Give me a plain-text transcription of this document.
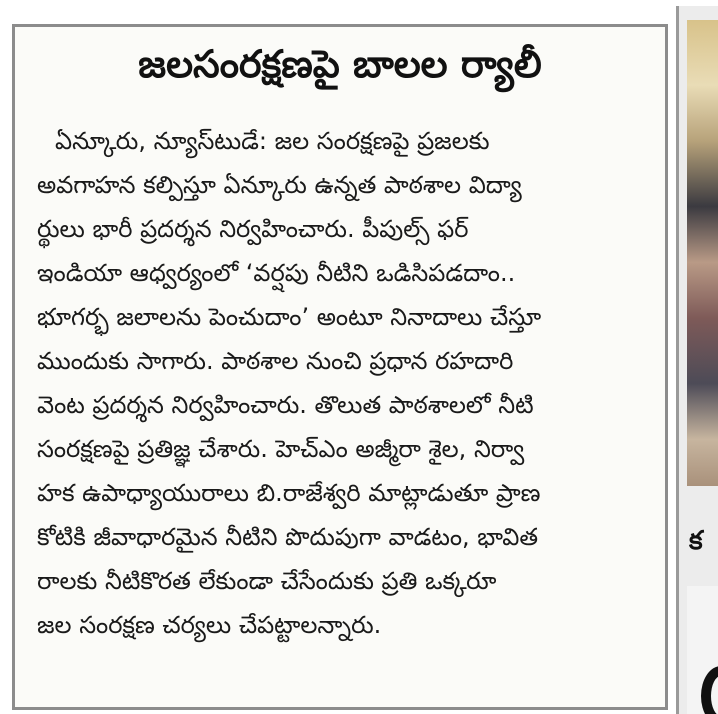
జలసంరక్షణపై బాలల ర్యాలీ
ఏన్కూరు, న్యూస్‌టుడే: జల సంరక్షణపై ప్రజలకు
అవగాహన కల్పిస్తూ ఏన్కూరు ఉన్నత పాఠశాల విద్యా
ర్థులు భారీ ప్రదర్శన నిర్వహించారు. పీపుల్స్ ఫర్
ఇండియా ఆధ్వర్యంలో ‘వర్షపు నీటిని ఒడిసిపడదాం..
భూగర్భ జలాలను పెంచుదాం’ అంటూ నినాదాలు చేస్తూ
ముందుకు సాగారు. పాఠశాల నుంచి ప్రధాన రహదారి
వెంట ప్రదర్శన నిర్వహించారు. తొలుత పాఠశాలలో నీటి
సంరక్షణపై ప్రతిజ్ఞ చేశారు. హెచ్‌ఎం అజ్మీరా శైల, నిర్వా
హక ఉపాధ్యాయురాలు బి.రాజేశ్వరి మాట్లాడుతూ ప్రాణ
కోటికి జీవాధారమైన నీటిని పొదుపుగా వాడటం, భావిత
రాలకు నీటికొరత లేకుండా చేసేందుకు ప్రతి ఒక్కరూ
జల సంరక్షణ చర్యలు చేపట్టాలన్నారు.
క
